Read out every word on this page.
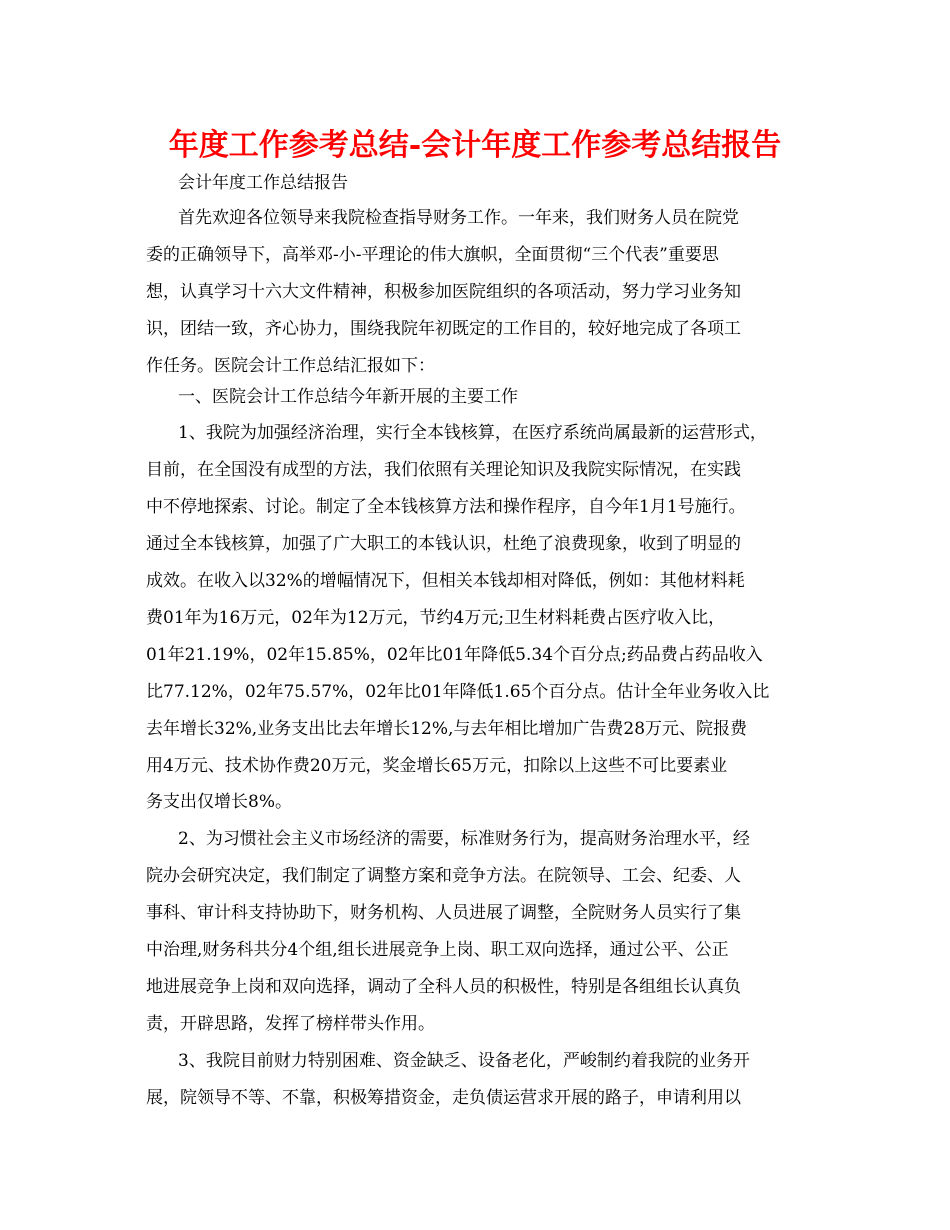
年度工作参考总结-会计年度工作参考总结报告
会计年度工作总结报告
首先欢迎各位领导来我院检查指导财务工作。一年来，我们财务人员在院党
委的正确领导下，高举邓-小-平理论的伟大旗帜，全面贯彻“三个代表”重要思
想，认真学习十六大文件精神，积极参加医院组织的各项活动，努力学习业务知
识，团结一致，齐心协力，围绕我院年初既定的工作目的，较好地完成了各项工
作任务。医院会计工作总结汇报如下：
一、医院会计工作总结今年新开展的主要工作
1、我院为加强经济治理，实行全本钱核算，在医疗系统尚属最新的运营形式，
目前，在全国没有成型的方法，我们依照有关理论知识及我院实际情况，在实践
中不停地探索、讨论。制定了全本钱核算方法和操作程序，自今年1月1号施行。
通过全本钱核算，加强了广大职工的本钱认识，杜绝了浪费现象，收到了明显的
成效。在收入以32%的增幅情况下，但相关本钱却相对降低，例如：其他材料耗
费01年为16万元，02年为12万元，节约4万元;卫生材料耗费占医疗收入比，
01年21.19%，02年15.85%，02年比01年降低5.34个百分点;药品费占药品收入
比77.12%，02年75.57%，02年比01年降低1.65个百分点。估计全年业务收入比
去年增长32%,业务支出比去年增长12%,与去年相比增加广告费28万元、院报费
用4万元、技术协作费20万元，奖金增长65万元，扣除以上这些不可比要素业
务支出仅增长8%。
2、为习惯社会主义市场经济的需要，标准财务行为，提高财务治理水平，经
院办会研究决定，我们制定了调整方案和竞争方法。在院领导、工会、纪委、人
事科、审计科支持协助下，财务机构、人员进展了调整，全院财务人员实行了集
中治理,财务科共分4个组,组长进展竞争上岗、职工双向选择，通过公平、公正
地进展竞争上岗和双向选择，调动了全科人员的积极性，特别是各组组长认真负
责，开辟思路，发挥了榜样带头作用。
3、我院目前财力特别困难、资金缺乏、设备老化，严峻制约着我院的业务开
展，院领导不等、不靠，积极筹措资金，走负债运营求开展的路子，申请利用以
